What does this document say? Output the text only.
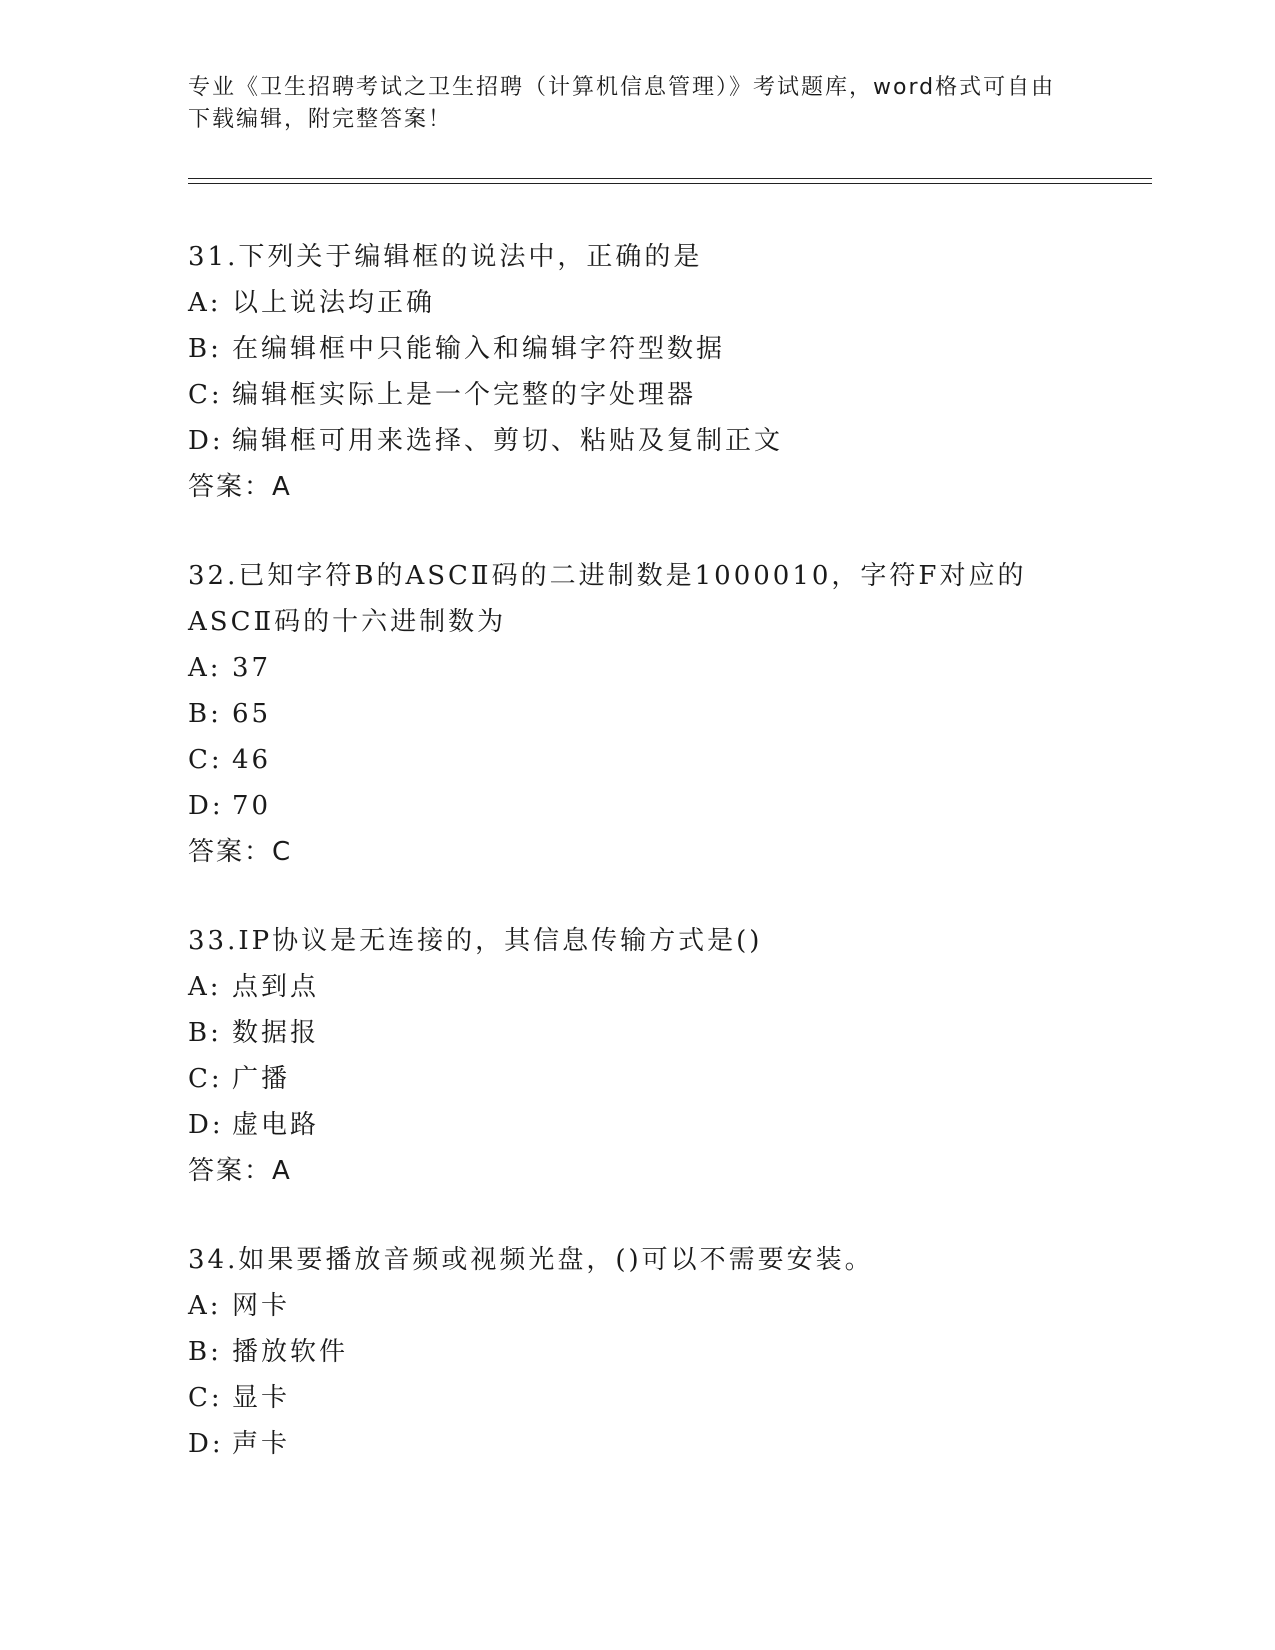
专业《卫生招聘考试之卫生招聘（计算机信息管理）》考试题库，word格式可自由下载编辑，附完整答案！

31.下列关于编辑框的说法中，正确的是

A: 以上说法均正确

B: 在编辑框中只能输入和编辑字符型数据

C: 编辑框实际上是一个完整的字处理器

D: 编辑框可用来选择、剪切、粘贴及复制正文

答案：A

32.已知字符B的ASCⅡ码的二进制数是1000010，字符F对应的ASCⅡ码的十六进制数为

A: 37

B: 65

C: 46

D: 70

答案：C

33.IP协议是无连接的，其信息传输方式是()

A: 点到点

B: 数据报

C: 广播

D: 虚电路

答案：A

34.如果要播放音频或视频光盘，()可以不需要安装。

A: 网卡

B: 播放软件

C: 显卡

D: 声卡
